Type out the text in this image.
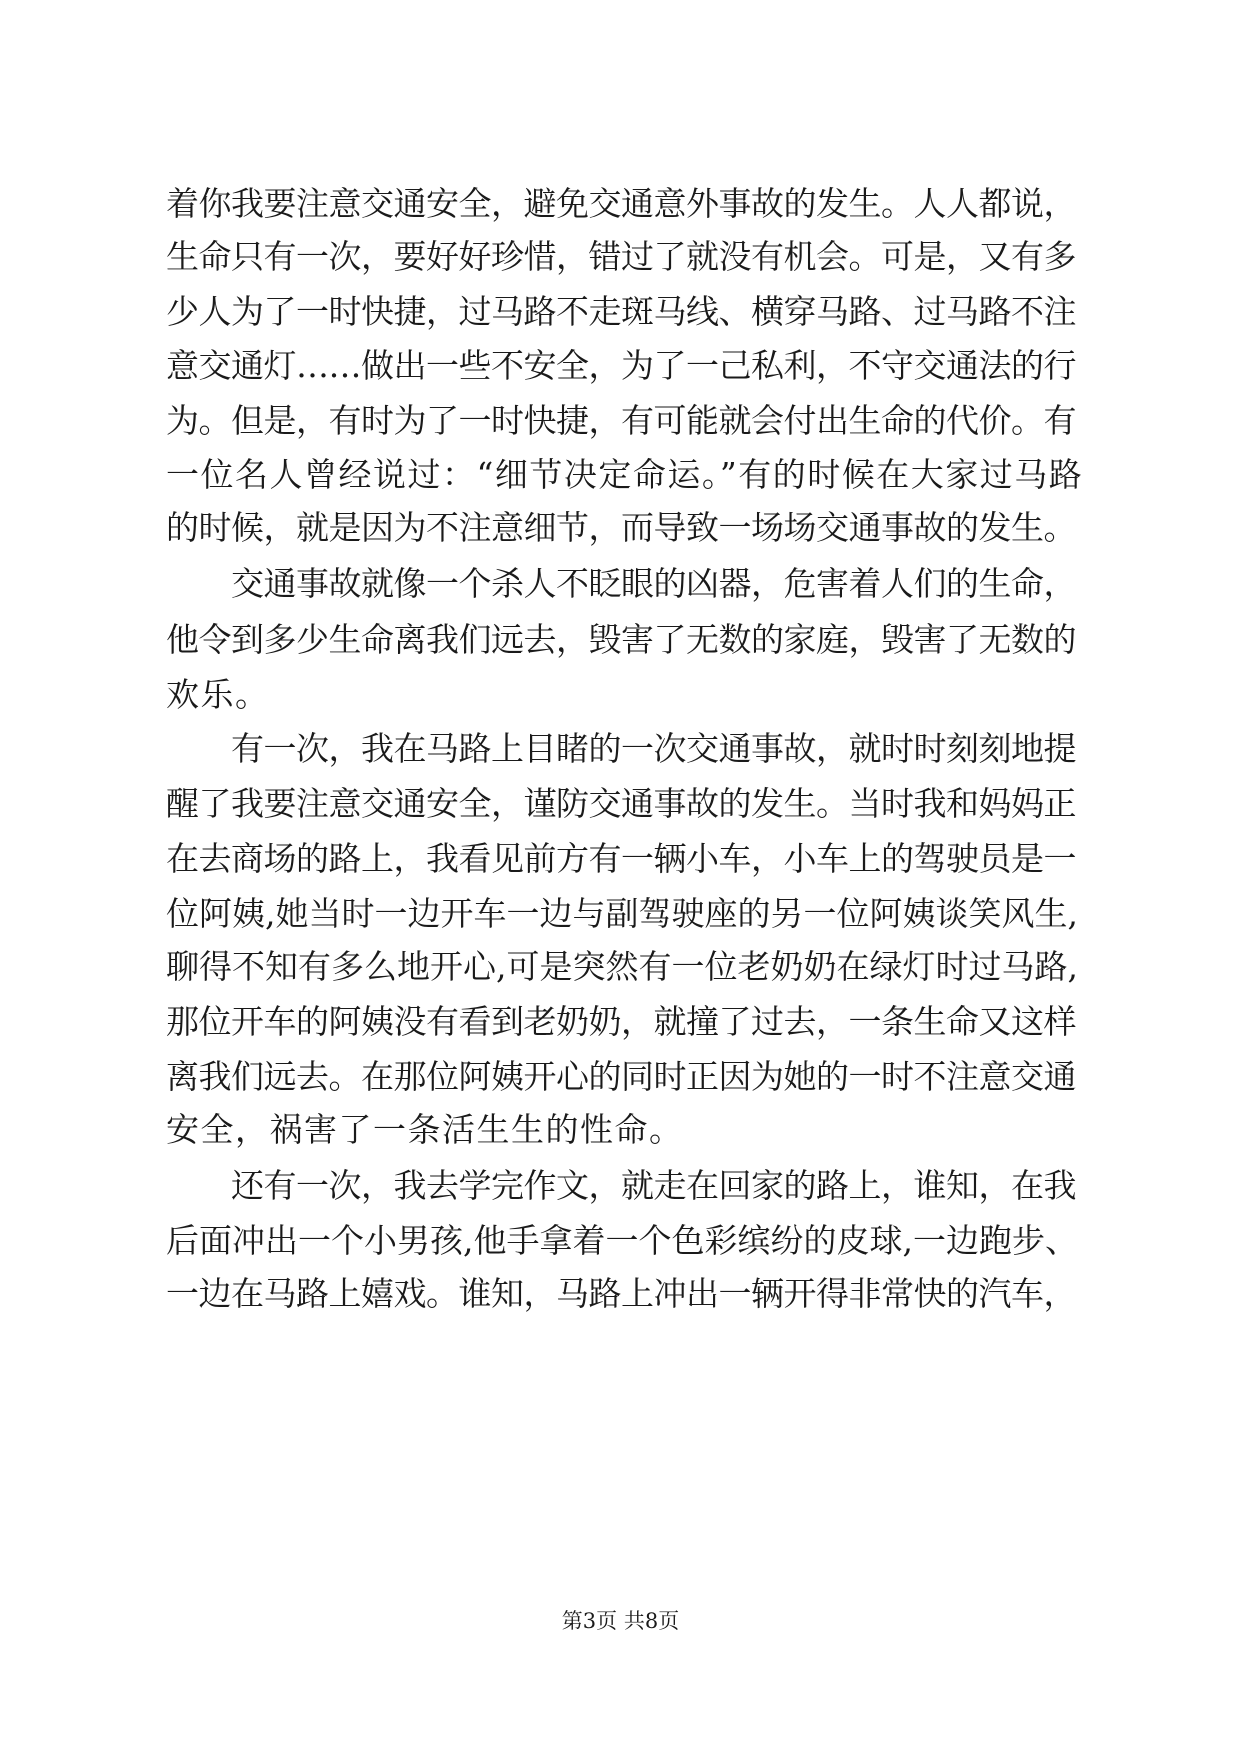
着你我要注意交通安全，避免交通意外事故的发生。人人都说，
生命只有一次，要好好珍惜，错过了就没有机会。可是，又有多
少人为了一时快捷，过马路不走斑马线、横穿马路、过马路不注
意交通灯……做出一些不安全，为了一己私利，不守交通法的行
为。但是，有时为了一时快捷，有可能就会付出生命的代价。有
一位名人曾经说过：“细节决定命运。”有的时候在大家过马路
的时候，就是因为不注意细节，而导致一场场交通事故的发生。
　　交通事故就像一个杀人不眨眼的凶器，危害着人们的生命，
他令到多少生命离我们远去，毁害了无数的家庭，毁害了无数的
欢乐。
　　有一次，我在马路上目睹的一次交通事故，就时时刻刻地提
醒了我要注意交通安全，谨防交通事故的发生。当时我和妈妈正
在去商场的路上，我看见前方有一辆小车，小车上的驾驶员是一
位阿姨,她当时一边开车一边与副驾驶座的另一位阿姨谈笑风生,
聊得不知有多么地开心,可是突然有一位老奶奶在绿灯时过马路,
那位开车的阿姨没有看到老奶奶，就撞了过去，一条生命又这样
离我们远去。在那位阿姨开心的同时正因为她的一时不注意交通
安全，祸害了一条活生生的性命。
　　还有一次，我去学完作文，就走在回家的路上，谁知，在我
后面冲出一个小男孩,他手拿着一个色彩缤纷的皮球,一边跑步、
一边在马路上嬉戏。谁知，马路上冲出一辆开得非常快的汽车，
第3页 共8页
